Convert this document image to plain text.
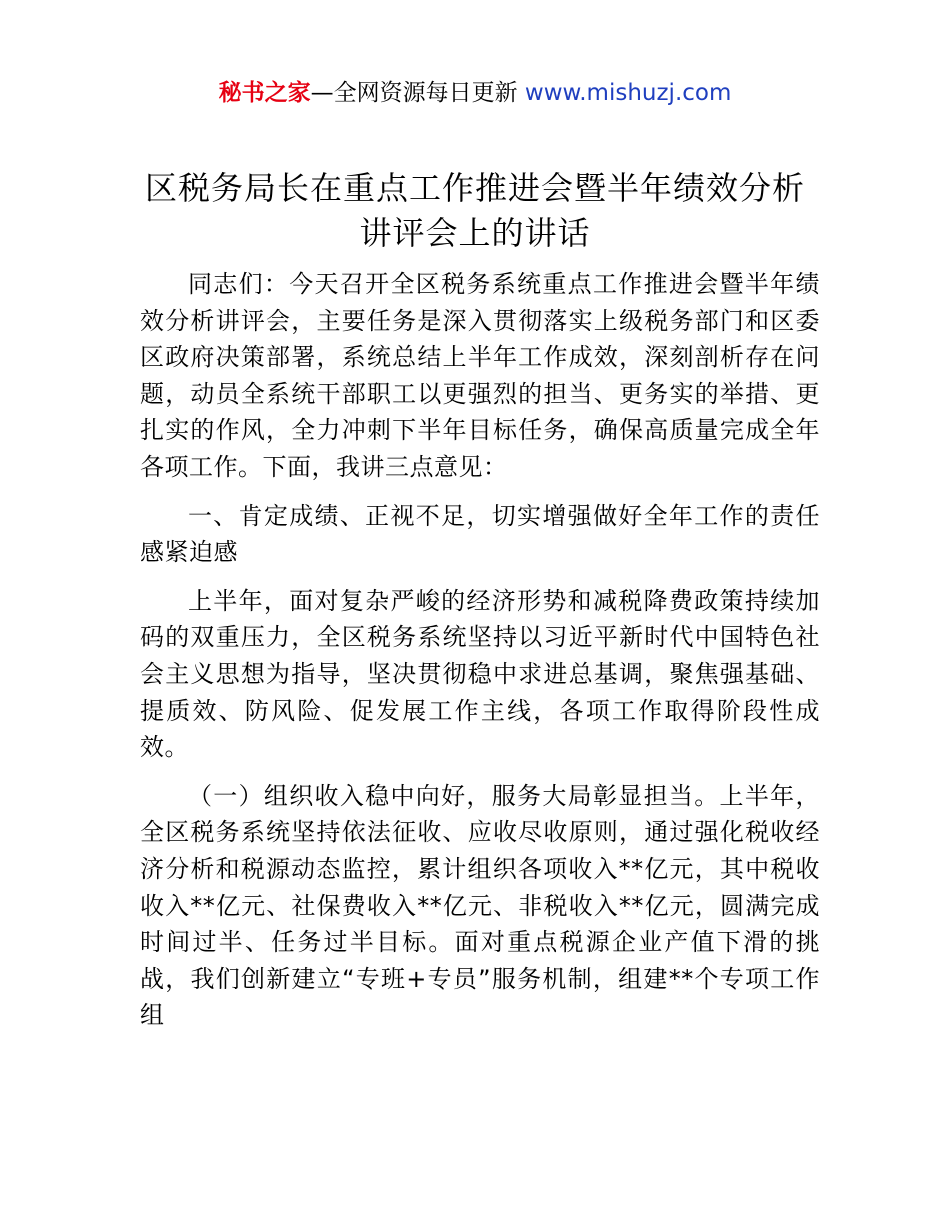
秘书之家—全网资源每日更新 www.mishuzj.com
区税务局长在重点工作推进会暨半年绩效分析
讲评会上的讲话

同志们：今天召开全区税务系统重点工作推进会暨半年绩效分析讲评会，主要任务是深入贯彻落实上级税务部门和区委区政府决策部署，系统总结上半年工作成效，深刻剖析存在问题，动员全系统干部职工以更强烈的担当、更务实的举措、更扎实的作风，全力冲刺下半年目标任务，确保高质量完成全年各项工作。下面，我讲三点意见：

一、肯定成绩、正视不足，切实增强做好全年工作的责任感紧迫感

上半年，面对复杂严峻的经济形势和减税降费政策持续加码的双重压力，全区税务系统坚持以习近平新时代中国特色社会主义思想为指导，坚决贯彻稳中求进总基调，聚焦强基础、提质效、防风险、促发展工作主线，各项工作取得阶段性成效。

（一）组织收入稳中向好，服务大局彰显担当。上半年，全区税务系统坚持依法征收、应收尽收原则，通过强化税收经济分析和税源动态监控，累计组织各项收入**亿元，其中税收收入**亿元、社保费收入**亿元、非税收入**亿元，圆满完成时间过半、任务过半目标。面对重点税源企业产值下滑的挑战，我们创新建立“专班+专员”服务机制，组建**个专项工作组
